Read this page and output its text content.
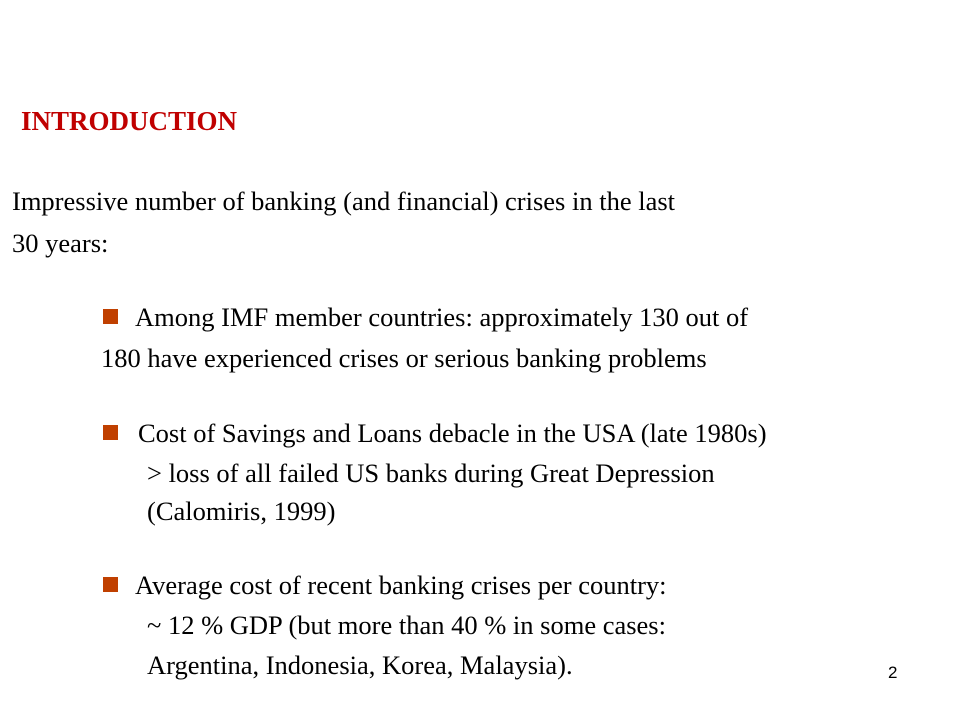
INTRODUCTION
Impressive number of banking (and financial) crises in the last
30 years:
Among IMF member countries: approximately 130 out of
180 have experienced crises or serious banking problems
Cost of Savings and Loans debacle in the USA (late 1980s)
> loss of all failed US banks during Great Depression
(Calomiris, 1999)
Average cost of recent banking crises per country:
~ 12 % GDP (but more than 40 % in some cases:
Argentina, Indonesia, Korea, Malaysia).	2
